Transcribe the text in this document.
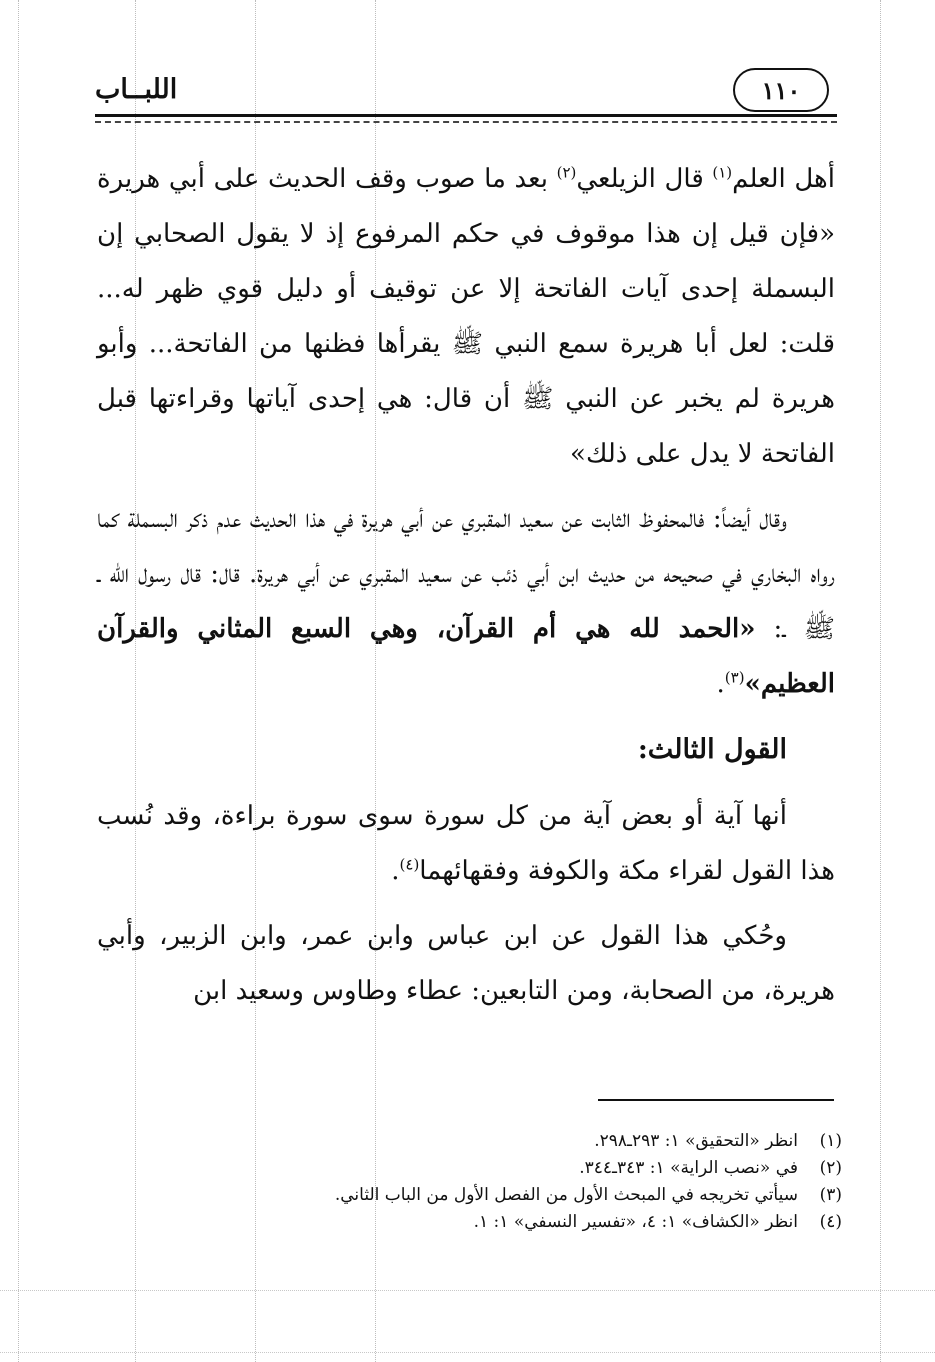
اللبــاب	١١٠

أهل العلم$^{(١)}$ قال الزيلعي$^{(٢)}$ بعد ما صوب وقف الحديث على أبي هريرة «فإن قيل إن هذا موقوف في حكم المرفوع إذ لا يقول الصحابي إن البسملة إحدى آيات الفاتحة إلا عن توقيف أو دليل قوي ظهر له... قلت: لعل أبا هريرة سمع النبي ﷺ يقرأها فظنها من الفاتحة... وأبو هريرة لم يخبر عن النبي ﷺ أن قال: هي إحدى آياتها وقراءتها قبل الفاتحة لا يدل على ذلك»

وقال أيضاً: فالمحفوظ الثابت عن سعيد المقبري عن أبي هريرة في هذا الحديث عدم ذكر البسملة كما رواه البخاري في صحيحه من حديث ابن أبي ذئب عن سعيد المقبري عن أبي هريرة. قال: قال رسول الله ـ ﷺ ـ: «الحمد لله هي أم القرآن، وهي السبع المثاني والقرآن العظيم»$^{(٣)}$.

القول الثالث:

أنها آية أو بعض آية من كل سورة سوى سورة براءة، وقد نُسب هذا القول لقراء مكة والكوفة وفقهائهما$^{(٤)}$.

وحُكي هذا القول عن ابن عباس وابن عمر، وابن الزبير، وأبي هريرة، من الصحابة، ومن التابعين: عطاء وطاوس وسعيد ابن

(١)
انظر «التحقيق» ١: ٢٩٣ـ٢٩٨.
(٢)
في «نصب الراية» ١: ٣٤٣ـ٣٤٤.
(٣)
سيأتي تخريجه في المبحث الأول من الفصل الأول من الباب الثاني.
(٤)
انظر «الكشاف» ١: ٤، «تفسير النسفي» ١: ١.
